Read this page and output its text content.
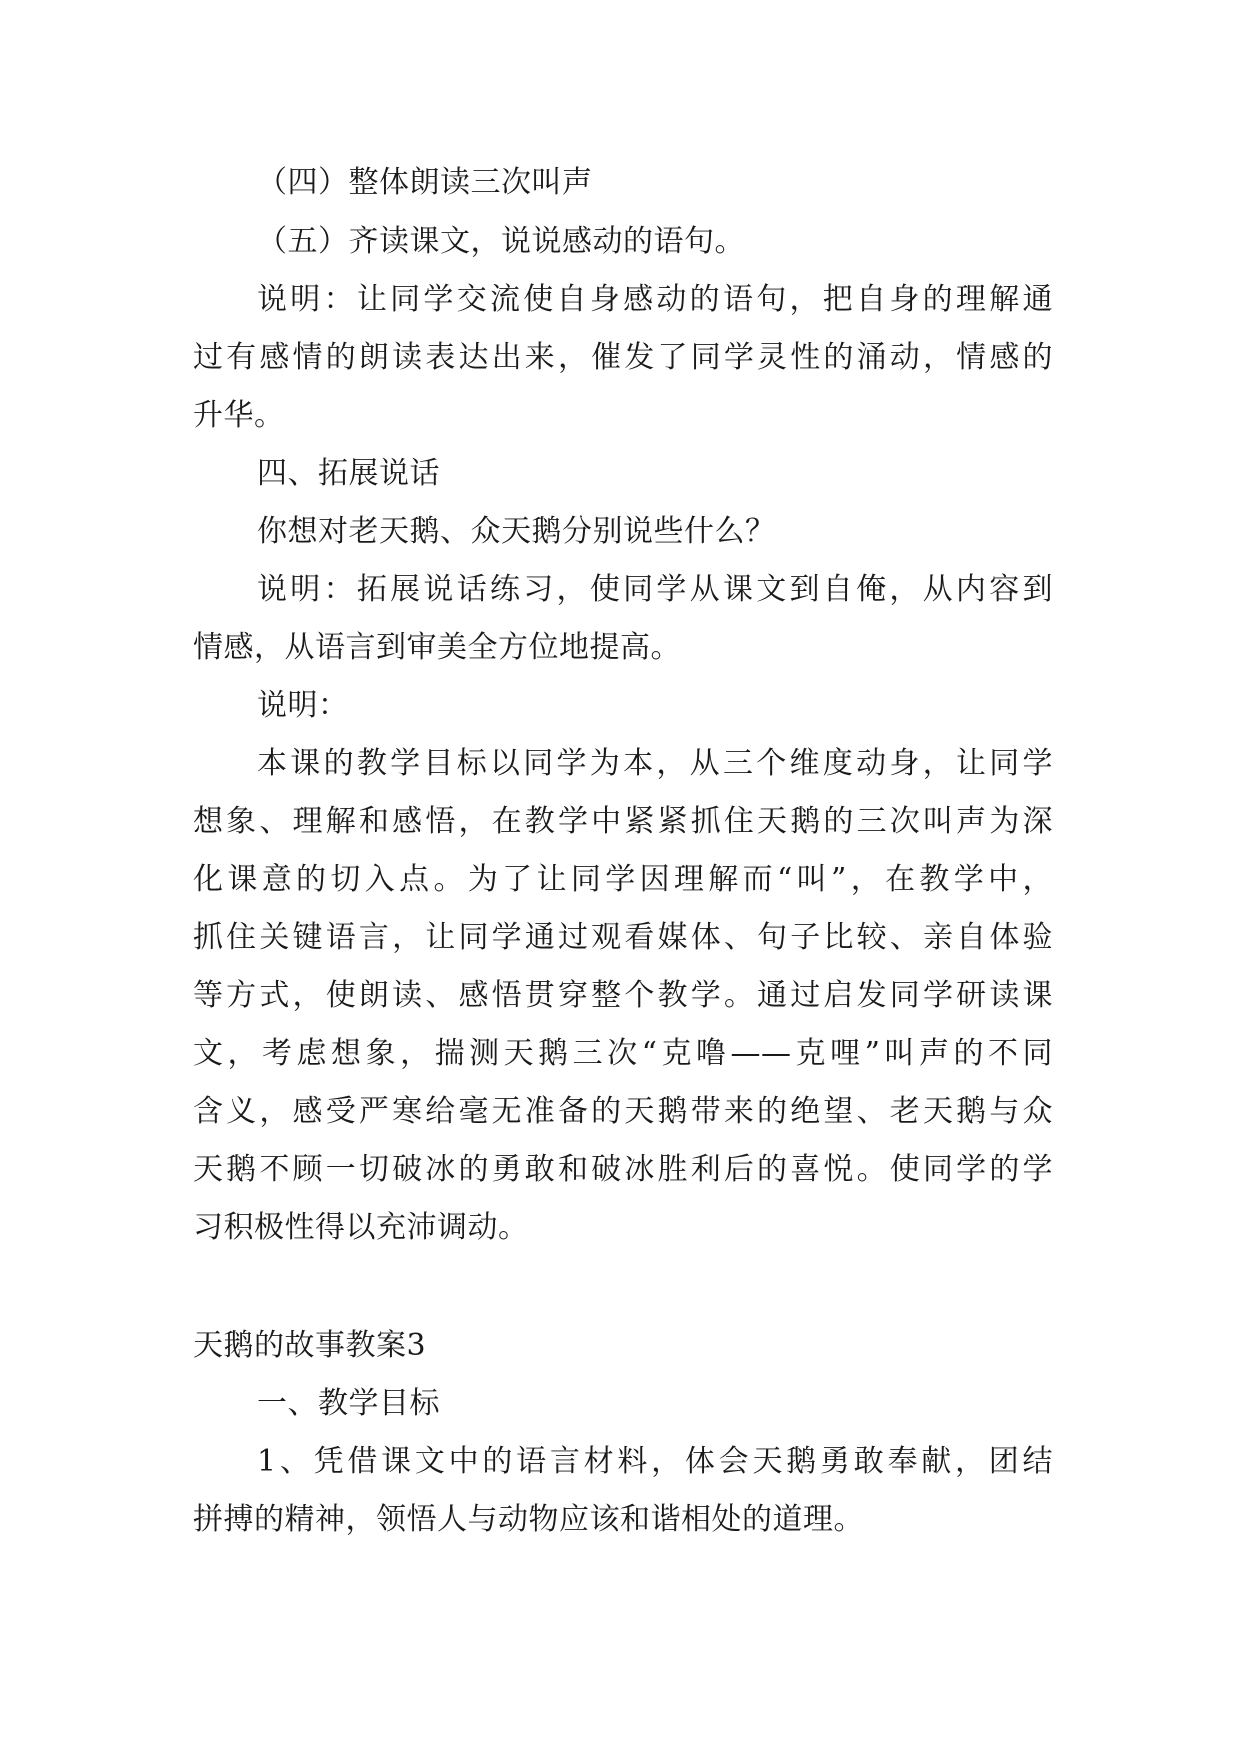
（四）整体朗读三次叫声

（五）齐读课文，说说感动的语句。

说明：让同学交流使自身感动的语句，把自身的理解通

过有感情的朗读表达出来，催发了同学灵性的涌动，情感的

升华。

四、拓展说话

你想对老天鹅、众天鹅分别说些什么？

说明：拓展说话练习，使同学从课文到自俺，从内容到

情感，从语言到审美全方位地提高。

说明：

本课的教学目标以同学为本，从三个维度动身，让同学

想象、理解和感悟，在教学中紧紧抓住天鹅的三次叫声为深

化课意的切入点。为了让同学因理解而“叫”，在教学中，

抓住关键语言，让同学通过观看媒体、句子比较、亲自体验

等方式，使朗读、感悟贯穿整个教学。通过启发同学研读课

文，考虑想象，揣测天鹅三次“克噜——克哩”叫声的不同

含义，感受严寒给毫无准备的天鹅带来的绝望、老天鹅与众

天鹅不顾一切破冰的勇敢和破冰胜利后的喜悦。使同学的学

习积极性得以充沛调动。

天鹅的故事教案3

一、教学目标

1、凭借课文中的语言材料，体会天鹅勇敢奉献，团结

拼搏的精神，领悟人与动物应该和谐相处的道理。
